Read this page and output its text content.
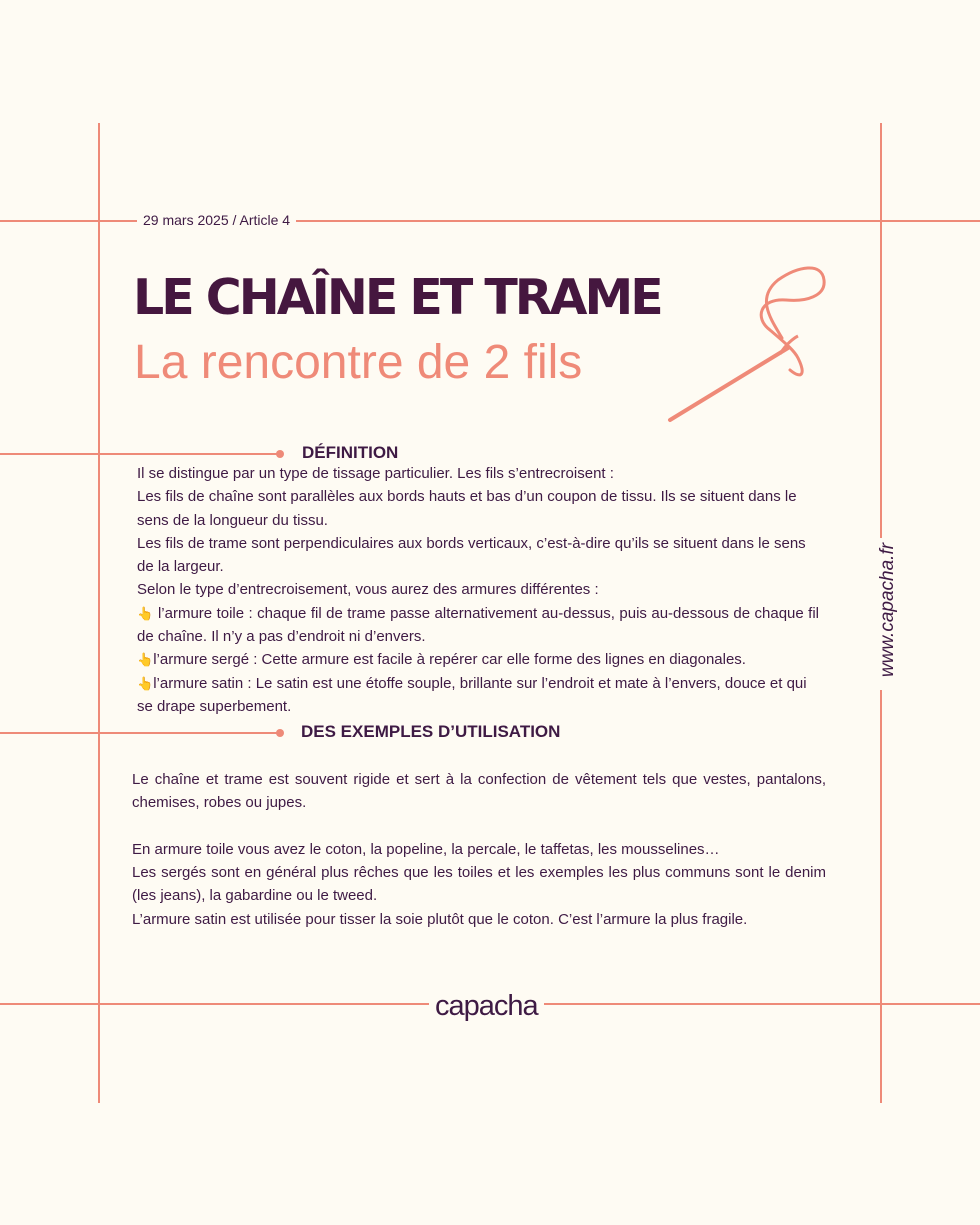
29 mars 2025 / Article 4
LE CHAÎNE ET TRAME
La rencontre de 2 fils
DÉFINITION

Il se distingue par un type de tissage particulier. Les fils s’entrecroisent :

Les fils de chaîne sont parallèles aux bords hauts et bas d’un coupon de tissu. Ils se situent dans le sens de la longueur du tissu.

Les fils de trame sont perpendiculaires aux bords verticaux, c’est-à-dire qu’ils se situent dans le sens de la largeur.

Selon le type d’entrecroisement, vous aurez des armures différentes :

👆 l’armure toile : chaque fil de trame passe alternativement au-dessus, puis au-dessous de chaque fil de chaîne. Il n’y a pas d’endroit ni d’envers.

👆l’armure sergé : Cette armure est facile à repérer car elle forme des lignes en diagonales.

👆l’armure satin : Le satin est une étoffe souple, brillante sur l’endroit et mate à l’envers, douce et qui se drape superbement.

DES EXEMPLES D’UTILISATION

Le chaîne et trame est souvent rigide et sert à la confection de vêtement tels que vestes, pantalons, chemises, robes ou jupes.

En armure toile vous avez le coton, la popeline, la percale, le taffetas, les mousselines…

Les sergés sont en général plus rêches que les toiles et les exemples les plus communs sont le denim (les jeans), la gabardine ou le tweed.

L’armure satin est utilisée pour tisser la soie plutôt que le coton. C’est l’armure la plus fragile.

www.capacha.fr
capacha
